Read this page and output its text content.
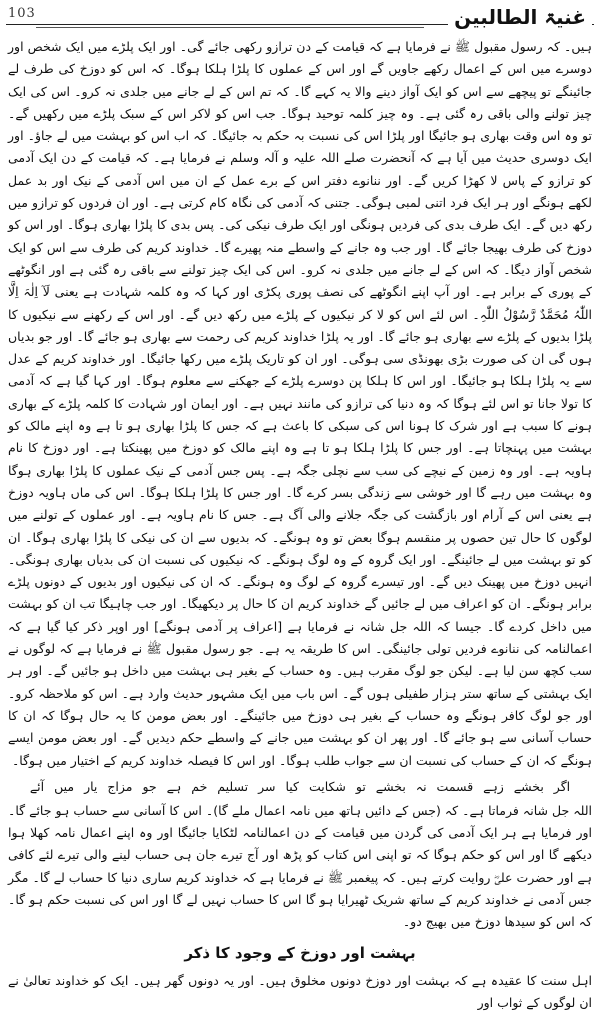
103	غنیۃ الطالبین

ہیں۔ کہ رسول مقبول ﷺ نے فرمایا ہے کہ قیامت کے دن ترازو رکھی جائے گی۔ اور ایک پلڑے میں ایک شخص اور دوسرے میں اس کے اعمال رکھے جاویں گے اور اس کے عملوں کا پلڑا ہلکا ہوگا۔ کہ اس کو دوزخ کی طرف لے جائینگے تو پیچھے سے اس کو ایک آواز دینے والا یہ کہے گا۔ کہ تم اس کے لے جانے میں جلدی نہ کرو۔ اس کی ایک چیز تولنے والی باقی رہ گئی ہے۔ وہ چیز کلمہ توحید ہوگا۔ جب اس کو لاکر اس کے سبک پلڑے میں رکھیں گے۔ تو وہ اس وقت بھاری ہو جائیگا اور پلڑا اس کی نسبت بہ حکم بہ جائیگا۔ کہ اب اس کو بہشت میں لے جاؤ۔ اور ایک دوسری حدیث میں آیا ہے کہ آنحضرت صلے اللہ علیہ و آلہ وسلم نے فرمایا ہے۔ کہ قیامت کے دن ایک آدمی کو ترازو کے پاس لا کھڑا کریں گے۔ اور ننانوے دفتر اس کے برے عمل کے ان میں اس آدمی کے نیک اور بد عمل لکھے ہونگے اور ہر ایک فرد اتنی لمبی ہوگی۔ جتنی کہ آدمی کی نگاہ کام کرتی ہے۔ اور ان فردوں کو ترازو میں رکھ دیں گے۔ ایک طرف بدی کی فردیں ہونگی اور ایک طرف نیکی کی۔ پس بدی کا پلڑا بھاری ہوگا۔ اور اس کو دوزخ کی طرف بھیجا جائے گا۔ اور جب وہ جانے کے واسطے منہ پھیرے گا۔ خداوند کریم کی طرف سے اس کو ایک شخص آواز دیگا۔ کہ اس کے لے جانے میں جلدی نہ کرو۔ اس کی ایک چیز تولنے سے باقی رہ گئی ہے اور انگوٹھے کے پوری کے برابر ہے۔ اور آپ اپنے انگوٹھے کی نصف پوری پکڑی اور کہا کہ وہ کلمہ شہادت ہے یعنی لَآ اِلٰہَ اِلَّا اللّٰہُ مُحَمَّدٌ رَّسُوْلُ اللّٰہِ۔ اس لئے اس کو لا کر نیکیوں کے پلڑے میں رکھ دیں گے۔ اور اس کے رکھنے سے نیکیوں کا پلڑا بدیوں کے پلڑے سے بھاری ہو جائے گا۔ اور یہ پلڑا خداوند کریم کی رحمت سے بھاری ہو جائے گا۔ اور جو بدیاں ہوں گی ان کی صورت بڑی بھونڈی سی ہوگی۔ اور ان کو تاریک پلڑے میں رکھا جائیگا۔ اور خداوند کریم کے عدل سے یہ پلڑا ہلکا ہو جائیگا۔ اور اس کا ہلکا پن دوسرے پلڑے کے جھکنے سے معلوم ہوگا۔ اور کہا گیا ہے کہ آدمی کا تولا جانا تو اس لئے ہوگا کہ وہ دنیا کی ترازو کی مانند نہیں ہے۔ اور ایمان اور شہادت کا کلمہ پلڑے کے بھاری ہونے کا سبب ہے اور شرک کا ہونا اس کی سبکی کا باعث ہے کہ جس کا پلڑا بھاری ہو تا ہے وہ اپنے مالک کو بہشت میں پہنچاتا ہے۔ اور جس کا پلڑا ہلکا ہو تا ہے وہ اپنے مالک کو دوزخ میں پھینکتا ہے۔ اور دوزخ کا نام ہاویہ ہے۔ اور وہ زمین کے نیچے کی سب سے نچلی جگہ ہے۔ پس جس آدمی کے نیک عملوں کا پلڑا بھاری ہوگا وہ بہشت میں رہے گا اور خوشی سے زندگی بسر کرے گا۔ اور جس کا پلڑا ہلکا ہوگا۔ اس کی ماں ہاویہ دوزخ ہے یعنی اس کے آرام اور بازگشت کی جگہ جلانے والی آگ ہے۔ جس کا نام ہاویہ ہے۔ اور عملوں کے تولنے میں لوگوں کا حال تین حصوں پر منقسم ہوگا بعض تو وہ ہونگے۔ کہ بدیوں سے ان کی نیکی کا پلڑا بھاری ہوگا۔ ان کو تو بہشت میں لے جائینگے۔ اور ایک گروہ کے وہ لوگ ہونگے۔ کہ نیکیوں کی نسبت ان کی بدیاں بھاری ہونگی۔ انہیں دوزخ میں پھینک دیں گے۔ اور تیسرے گروہ کے لوگ وہ ہونگے۔ کہ ان کی نیکیوں اور بدیوں کے دونوں پلڑے برابر ہونگے۔ ان کو اعراف میں لے جائیں گے خداوند کریم ان کا حال پر دیکھیگا۔ اور جب چاہیگا تب ان کو بہشت میں داخل کردے گا۔ جیسا کہ اللہ جل شانہ نے فرمایا ہے [اعراف پر آدمی ہونگے] اور اوپر ذکر کیا گیا ہے کہ اعمالنامہ کی ننانوے فردیں تولی جائینگی۔ اس کا طریقہ یہ ہے۔ جو رسول مقبول ﷺ نے فرمایا ہے کہ لوگوں نے سب کچھ سن لیا ہے۔ لیکن جو لوگ مقرب ہیں۔ وہ حساب کے بغیر ہی بہشت میں داخل ہو جائیں گے۔ اور ہر ایک بہشتی کے ساتھ ستر ہزار طفیلی ہوں گے۔ اس باب میں ایک مشہور حدیث وارد ہے۔ اس کو ملاحظہ کرو۔ اور جو لوگ کافر ہونگے وہ حساب کے بغیر ہی دوزخ میں جائینگے۔ اور بعض مومن کا یہ حال ہوگا کہ ان کا حساب آسانی سے ہو جائے گا۔ اور پھر ان کو بہشت میں جانے کے واسطے حکم دیدیں گے۔ اور بعض مومن ایسے ہونگے کہ ان کے حساب کی نسبت ان سے جواب طلب ہوگا۔ اور اس کا فیصلہ خداوند کریم کے اختیار میں ہوگا۔

اگر بخشے زہے قسمت نہ بخشے تو شکایت کیا سر تسلیم خم ہے جو مزاج یار میں آئے

اللہ جل شانہ فرماتا ہے۔ کہ (جس کے دائیں ہاتھ میں نامہ اعمال ملے گا)۔ اس کا آسانی سے حساب ہو جائے گا۔ اور فرمایا ہے ہر ایک آدمی کی گردن میں قیامت کے دن اعمالنامہ لٹکایا جائیگا اور وہ اپنے اعمال نامہ کھلا ہوا دیکھے گا اور اس کو حکم ہوگا کہ تو اپنی اس کتاب کو پڑھ اور آج تیرے جان ہی حساب لینے والی تیرے لئے کافی ہے اور حضرت علیؓ روایت کرتے ہیں۔ کہ پیغمبر ﷺ نے فرمایا ہے کہ خداوند کریم ساری دنیا کا حساب لے گا۔ مگر جس آدمی نے خداوند کریم کے ساتھ شریک ٹھیرایا ہو گا اس کا حساب نہیں لے گا اور اس کی نسبت حکم ہو گا۔ کہ اس کو سیدھا دوزخ میں بھیج دو۔

بہشت اور دوزخ کے وجود کا ذکر

اہل سنت کا عقیدہ ہے کہ بہشت اور دوزخ دونوں مخلوق ہیں۔ اور یہ دونوں گھر ہیں۔ ایک کو خداوند تعالیٰ نے ان لوگوں کے ثواب اور
